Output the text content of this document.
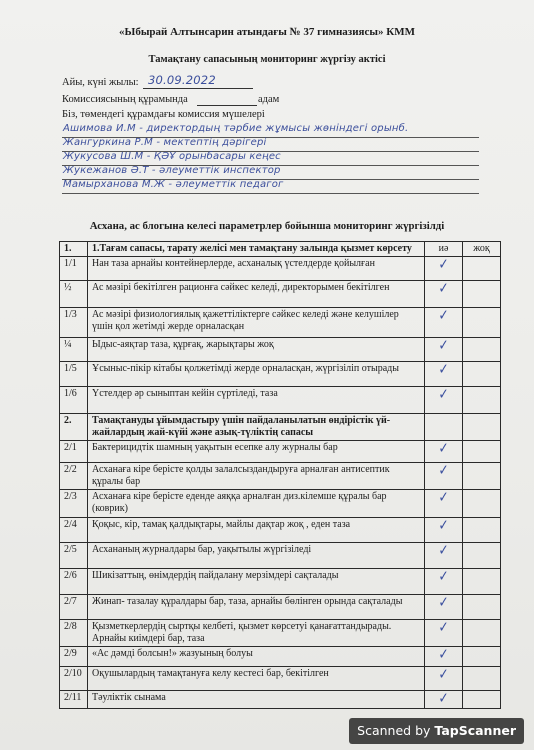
«Ыбырай Алтынсарин атындағы № 37 гимназиясы» КММ
Тамақтану сапасының мониторинг жүргізу актісі
Айы, күні жылы: 30.09.2022
Комиссиясының құрамында	адам
Біз, төмендегі құрамдағы комиссия мүшелері
Ашимова И.М - директордың тәрбие жұмысы жөніндегі орынб.
Жангуркина Р.М - мектептің дәрігері
Жукусова Ш.М - ҚӘҰ орынбасары кеңес
Жукежанов Ә.Т - әлеуметтік инспектор
Мамырханова М.Ж - әлеуметтік педагог
Асхана, ас блогына келесі параметрлер бойынша мониторинг жүргізілді
1.	1.Тағам сапасы, тарату желісі мен тамақтану залында қызмет көрсету	иә	жоқ
1/1	Нан таза арнайы контейнерлерде, асханалық үстелдерде қойылған	✓	

½	Ас мәзірі бекітілген рационға сәйкес келеді, директорымен бекітілген	✓	

1/3	Ас мәзірі физиологиялық қажеттіліктерге сәйкес келеді және келушілер үшін қол жетімді жерде орналасқан	✓	

¼	Ыдыс-аяқтар таза, құрғақ, жарықтары жоқ	✓	

1/5	Ұсыныс-пікір кітабы қолжетімді жерде орналасқан, жүргізіліп отырады	✓	

1/6	Үстелдер әр сыныптан кейін сүртіледі, таза	✓	

2.	Тамақтануды ұйымдастыру үшін пайдаланылатын өндірістік үй-жайлардың жай-күйі және азық-түліктің сапасы		
2/1	Бактерицидтік шамның уақытын есепке алу журналы бар	✓	

2/2	Асханаға кіре берісте қолды залалсыздандыруға арналған антисептик құралы бар	✓	

2/3	Асханаға кіре берісте еденде аяққа арналған диз.кілемше құралы бар (коврик)	✓	

2/4	Қоқыс, кір, тамақ қалдықтары, майлы дақтар жоқ , еден таза	✓	

2/5	Асхананың журналдары бар, уақытылы жүргізіледі	✓	

2/6	Шикізаттың, өнімдердің пайдалану мерзімдері сақталады	✓	

2/7	Жинап- тазалау құралдары бар, таза, арнайы бөлінген орында сақталады	✓	

2/8	Қызметкерлердің сыртқы келбеті, қызмет көрсетуі қанағаттандырады. Арнайы киімдері бар, таза	✓	

2/9	«Ас дәмді болсын!» жазуының болуы	✓	

2/10	Оқушылардың тамақтануға келу кестесі бар, бекітілген	✓	

2/11	Тәуліктік сынама	✓	

Scanned by TapScanner
